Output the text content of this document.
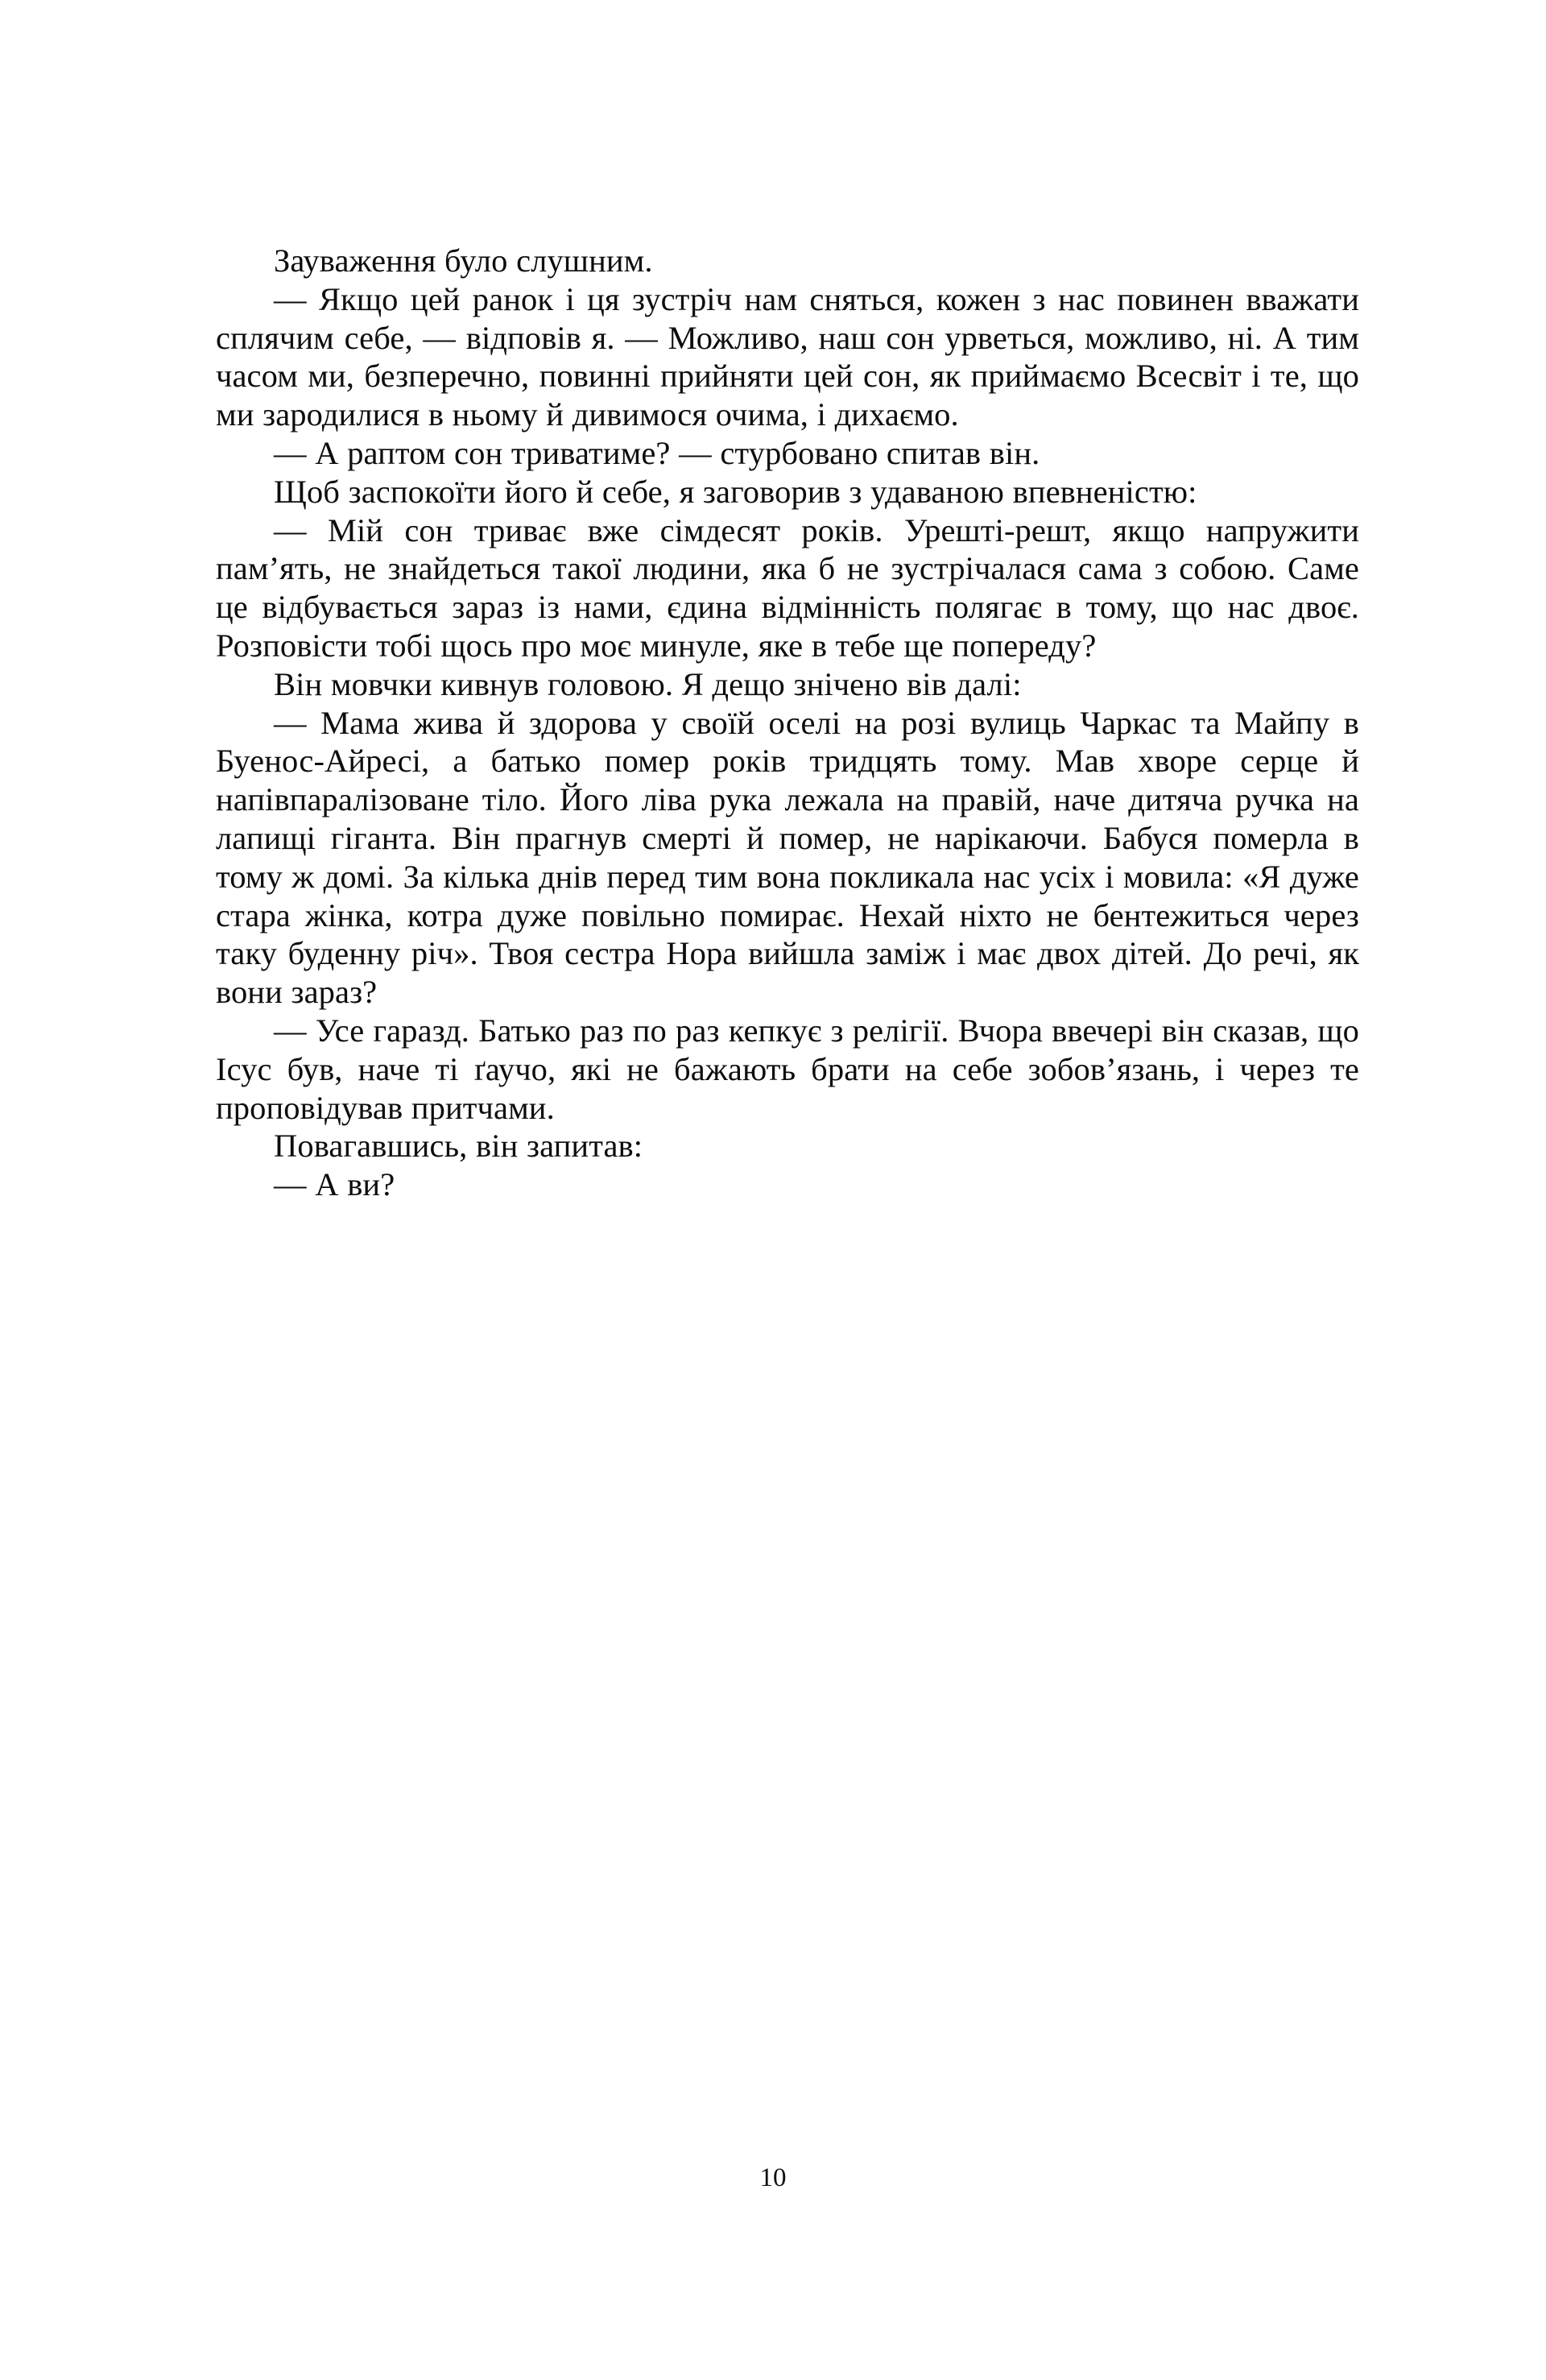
Зауваження було слушним.

— Якщо цей ранок і ця зустріч нам сняться, кожен з нас повинен вважати сплячим себе, — відповів я. — Можливо, наш сон урветься, можливо, ні. А тим часом ми, безперечно, повинні прийняти цей сон, як приймаємо Всесвіт і те, що ми зародилися в ньому й дивимося очима, і дихаємо.

— А раптом сон триватиме? — стурбовано спитав він.

Щоб заспокоїти його й себе, я заговорив з удаваною впевненістю:

— Мій сон триває вже сімдесят років. Урешті-решт, якщо напружити пам’ять, не знайдеться такої людини, яка б не зустрічалася сама з собою. Саме це відбувається зараз із нами, єдина відмінність полягає в тому, що нас двоє. Розповісти тобі щось про моє минуле, яке в тебе ще попереду?

Він мовчки кивнув головою. Я дещо знічено вів далі:

— Мама жива й здорова у своїй оселі на розі вулиць Чаркас та Майпу в Буенос-Айресі, а батько помер років тридцять тому. Мав хворе серце й напівпаралізоване тіло. Його ліва рука лежала на правій, наче дитяча ручка на лапищі гіганта. Він прагнув смерті й помер, не нарікаючи. Бабуся померла в тому ж домі. За кілька днів перед тим вона покликала нас усіх і мовила: «Я дуже стара жінка, котра дуже повільно помирає. Нехай ніхто не бентежиться через таку буденну річ». Твоя сестра Нора вийшла заміж і має двох дітей. До речі, як вони зараз?

— Усе гаразд. Батько раз по раз кепкує з релігії. Вчора ввечері він сказав, що Ісус був, наче ті ґаучо, які не бажають брати на себе зобов’язань, і через те проповідував притчами.

Повагавшись, він запитав:

— А ви?

10
